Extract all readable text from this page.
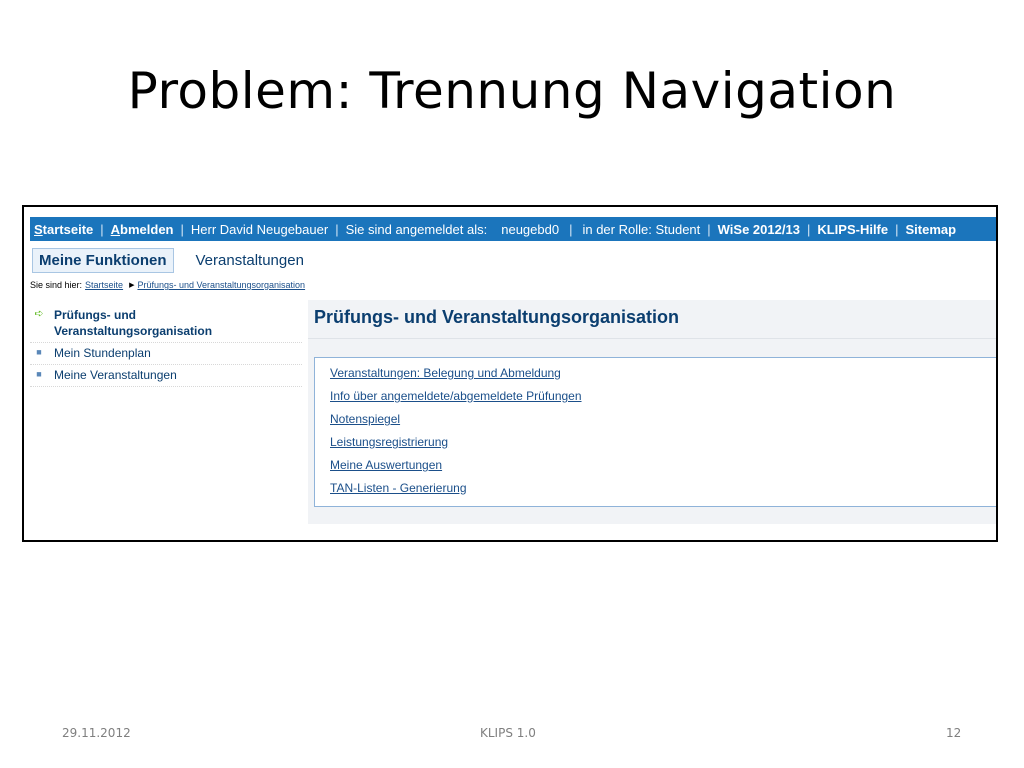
Problem: Trennung Navigation
Startseite | Abmelden | Herr David Neugebauer | Sie sind angemeldet als:	neugebd0 | in der Rolle: Student | WiSe 2012/13 | KLIPS-Hilfe | Sitemap
Meine Funktionen	Veranstaltungen
Sie sind hier: Startseite ▶ Prüfungs- und Veranstaltungsorganisation
➪ Prüfungs- und
Veranstaltungsorganisation
■	Mein Stundenplan
■	Meine Veranstaltungen
Prüfungs- und Veranstaltungsorganisation
Veranstaltungen: Belegung und Abmeldung
Info über angemeldete/abgemeldete Prüfungen
Notenspiegel
Leistungsregistrierung
Meine Auswertungen
TAN-Listen - Generierung
29.11.2012	KLIPS 1.0	12
